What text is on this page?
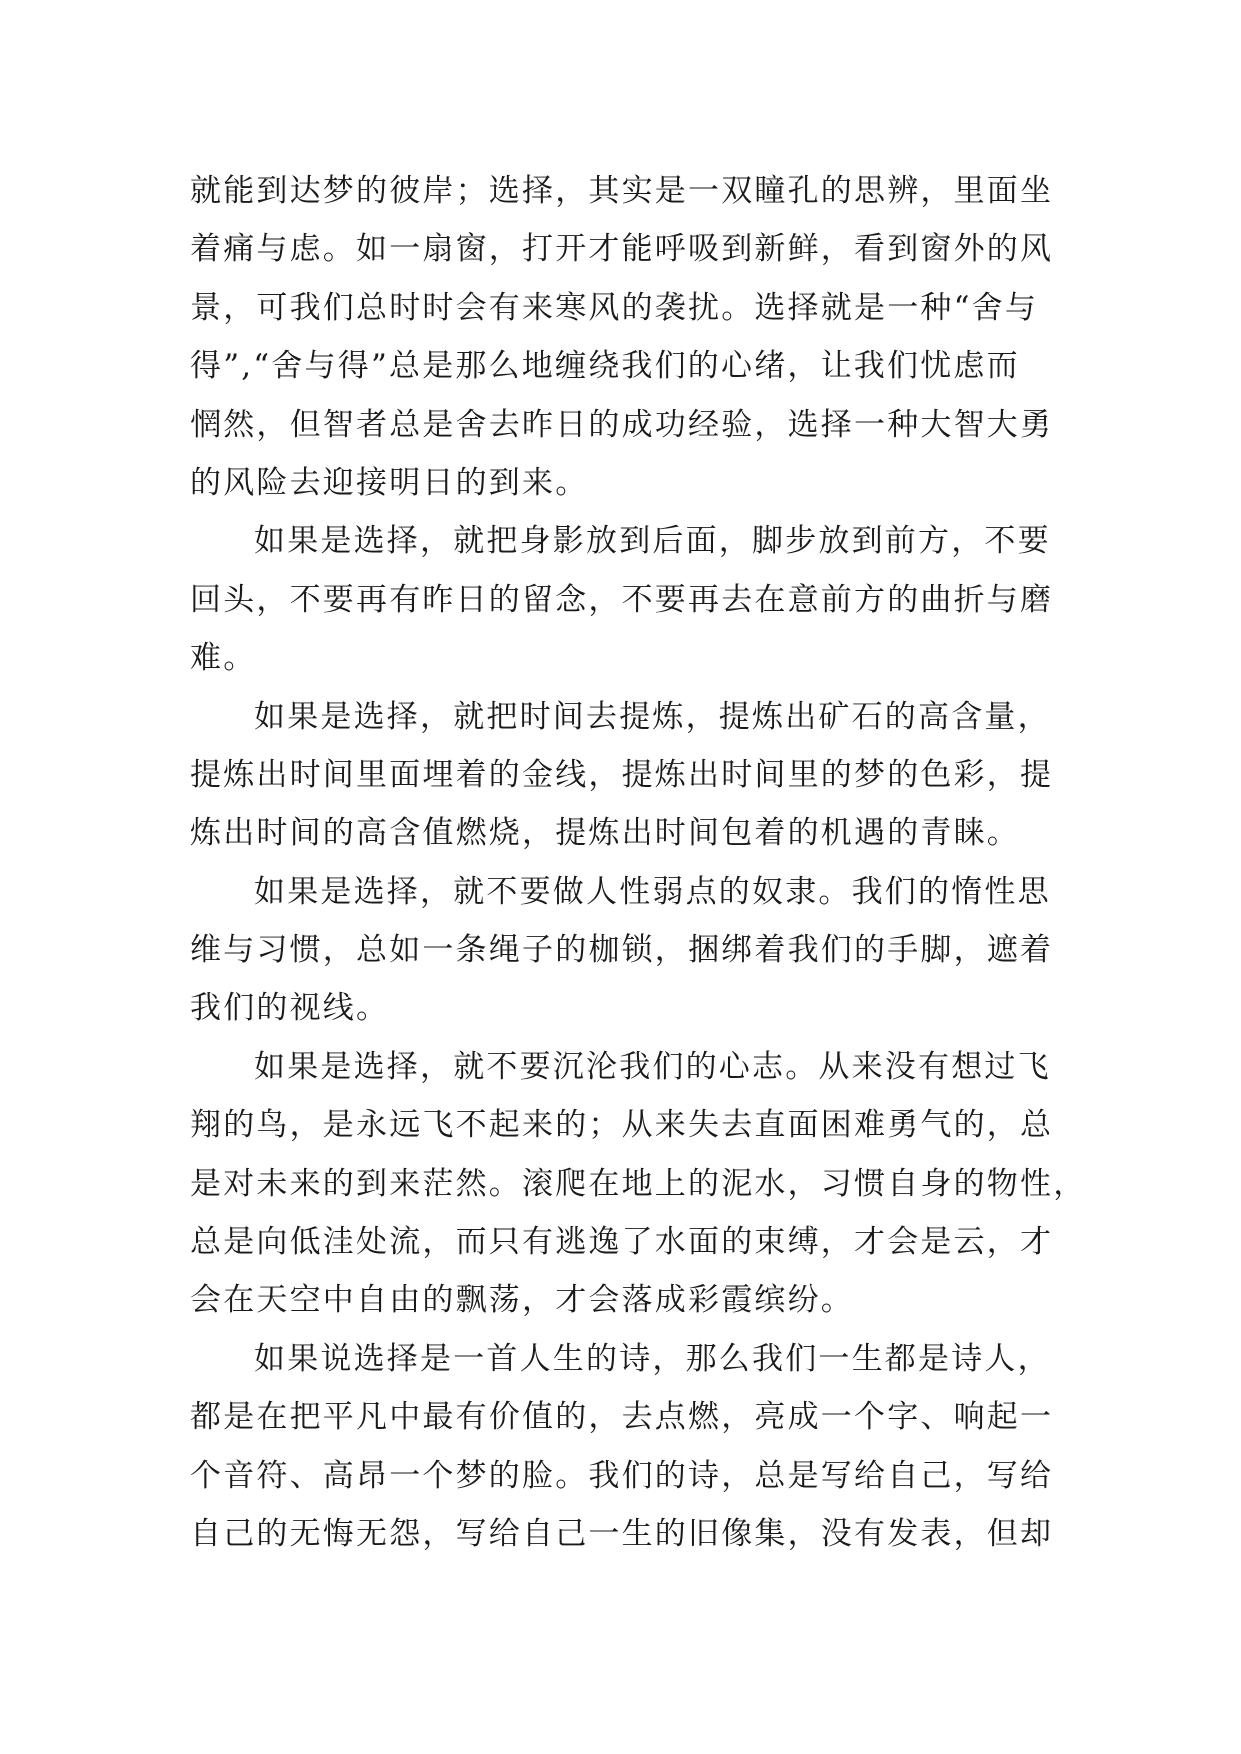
就能到达梦的彼岸；选择，其实是一双瞳孔的思辨，里面坐
着痛与虑。如一扇窗，打开才能呼吸到新鲜，看到窗外的风
景，可我们总时时会有来寒风的袭扰。选择就是一种“舍与
得”,“舍与得”总是那么地缠绕我们的心绪，让我们忧虑而
惘然，但智者总是舍去昨日的成功经验，选择一种大智大勇
的风险去迎接明日的到来。
如果是选择，就把身影放到后面，脚步放到前方，不要
回头，不要再有昨日的留念，不要再去在意前方的曲折与磨
难。
如果是选择，就把时间去提炼，提炼出矿石的高含量，
提炼出时间里面埋着的金线，提炼出时间里的梦的色彩，提
炼出时间的高含值燃烧，提炼出时间包着的机遇的青睐。
如果是选择，就不要做人性弱点的奴隶。我们的惰性思
维与习惯，总如一条绳子的枷锁，捆绑着我们的手脚，遮着
我们的视线。
如果是选择，就不要沉沦我们的心志。从来没有想过飞
翔的鸟，是永远飞不起来的；从来失去直面困难勇气的，总
是对未来的到来茫然。滚爬在地上的泥水，习惯自身的物性，
总是向低洼处流，而只有逃逸了水面的束缚，才会是云，才
会在天空中自由的飘荡，才会落成彩霞缤纷。
如果说选择是一首人生的诗，那么我们一生都是诗人，
都是在把平凡中最有价值的，去点燃，亮成一个字、响起一
个音符、高昂一个梦的脸。我们的诗，总是写给自己，写给
自己的无悔无怨，写给自己一生的旧像集，没有发表，但却
